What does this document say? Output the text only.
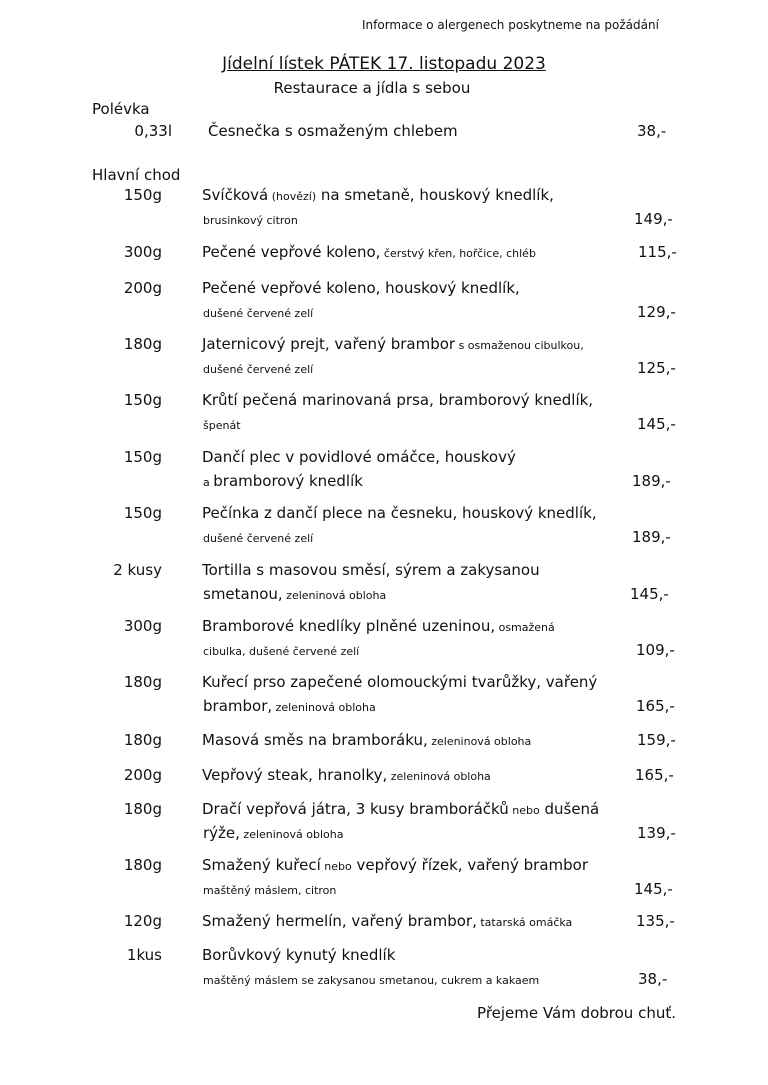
Informace o alergenech poskytneme na požádání
Jídelní lístek PÁTEK 17. listopadu 2023
Restaurace a jídla s sebou
Polévka
0,33l Česnečka s osmaženým chlebem	38,-
Hlavní chod
150g	Svíčková (hovězí) na smetaně, houskový knedlík,
brusinkový citron	149,-
300g	Pečené vepřové koleno, čerstvý křen, hořčice, chléb	115,-
200g	Pečené vepřové koleno, houskový knedlík,
dušené červené zelí	129,-
180g	Jaternicový prejt, vařený brambor s osmaženou cibulkou,
dušené červené zelí	125,-
150g	Krůtí pečená marinovaná prsa, bramborový knedlík,
špenát	145,-
150g	Dančí plec v povidlové omáčce, houskový
a bramborový knedlík	189,-
150g	Pečínka z dančí plece na česneku, houskový knedlík,
dušené červené zelí	189,-
2 kusy	Tortilla s masovou směsí, sýrem a zakysanou
smetanou, zeleninová obloha	145,-
300g	Bramborové knedlíky plněné uzeninou, osmažená
cibulka, dušené červené zelí	109,-
180g	Kuřecí prso zapečené olomouckými tvarůžky, vařený
brambor, zeleninová obloha	165,-
180g	Masová směs na bramboráku, zeleninová obloha	159,-
200g	Vepřový steak, hranolky, zeleninová obloha	165,-
180g	Dračí vepřová játra, 3 kusy bramboráčků nebo dušená
rýže, zeleninová obloha	139,-
180g	Smažený kuřecí nebo vepřový řízek, vařený brambor
maštěný máslem, citron	145,-
120g	Smažený hermelín, vařený brambor, tatarská omáčka	135,-
1kus	Borůvkový kynutý knedlík
maštěný máslem se zakysanou smetanou, cukrem a kakaem	38,-
Přejeme Vám dobrou chuť.
